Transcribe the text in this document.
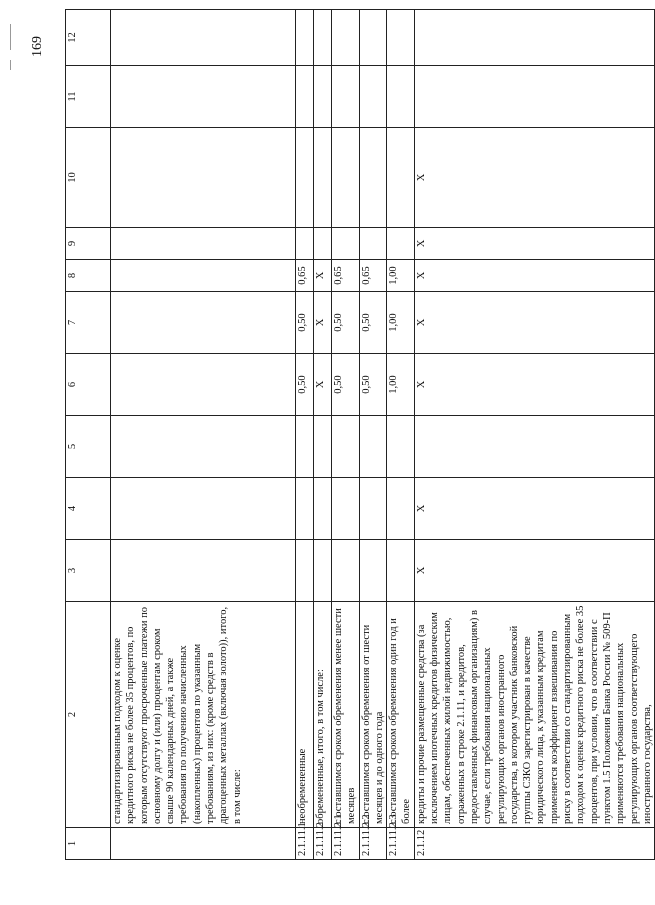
169
1	2	3	4	5	6	7	8	9	10	11	12
	стандартизированным подходом к оценке кредитного риска не более 35 процентов, по которым отсутствуют просроченные платежи по основному долгу и (или) процентам сроком свыше 90 календарных дней, а также требования по получению начисленных (накопленных) процентов по указанным требованиям, из них: (кроме средств в драгоценных металлах (включая золото)), итого, в том числе:										
2.1.11.1	необремененные				0,50	0,50	0,65				
2.1.11.2	обремененные, итого, в том числе:				X	X	X				
2.1.11.2.1	с оставшимся сроком обременения менее шести месяцев				0,50	0,50	0,65				
2.1.11.2.2	с оставшимся сроком обременения от шести месяцев и до одного года				0,50	0,50	0,65				
2.1.11.2.3	с оставшимся сроком обременения один год и более				1,00	1,00	1,00				
2.1.12	кредиты и прочие размещенные средства (за исключением ипотечных кредитов физическим лицам, обеспеченных жилой недвижимостью, отраженных в строке 2.1.11, и кредитов, предоставленных финансовым организациям) в случае, если требования национальных регулирующих органов иностранного государства, в котором участник банковской группы СЗКО зарегистрирован в качестве юридического лица, к указанным кредитам применяется коэффициент взвешивания по риску в соответствии со стандартизированным подходом к оценке кредитного риска не более 35 процентов, при условии, что в соответствии с пунктом 1.5 Положения Банка России № 509-П применяются требования национальных регулирующих органов соответствующего иностранного государства,	X	X		X	X	X	X	X		
